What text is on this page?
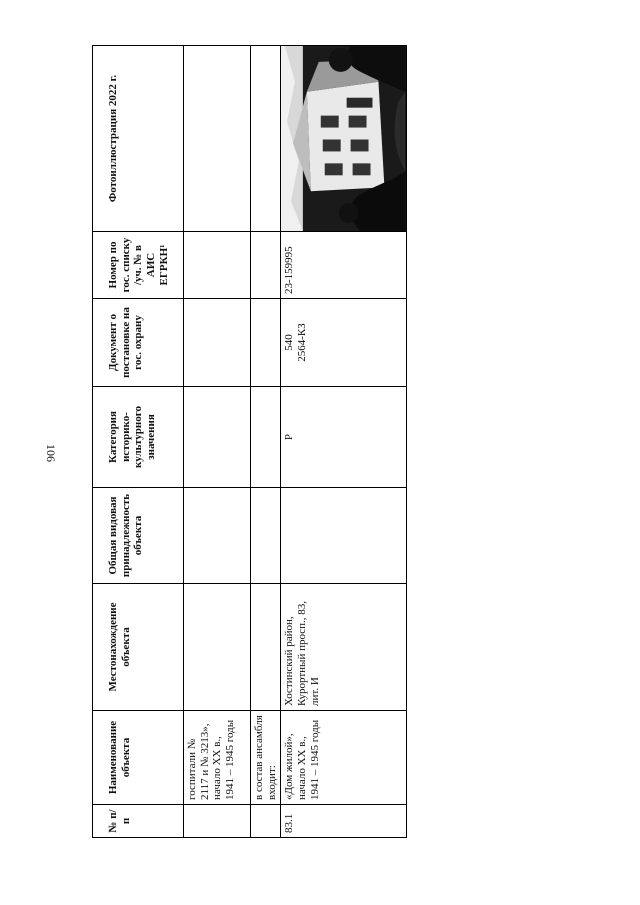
106
№ п/п	Наименование объекта	Местонахождение объекта	Общая видовая принадлежность объекта	Категория историко-культурного значения	Документ о постановке на гос. охрану	Номер по гос. списку /уч. № в АИС ЕГРКН¹	Фотоиллюстрация 2022 г.
	госпитали № 2117 и № 3213», начало XX в., 1941 – 1945 годы						
	в состав ансамбля входит:						
83.1	«Дом жилой», начало XX в., 1941 – 1945 годы	Хостинский район, Курортный просп., 83, лит. И		Р	540 2564-КЗ	23-159995	
